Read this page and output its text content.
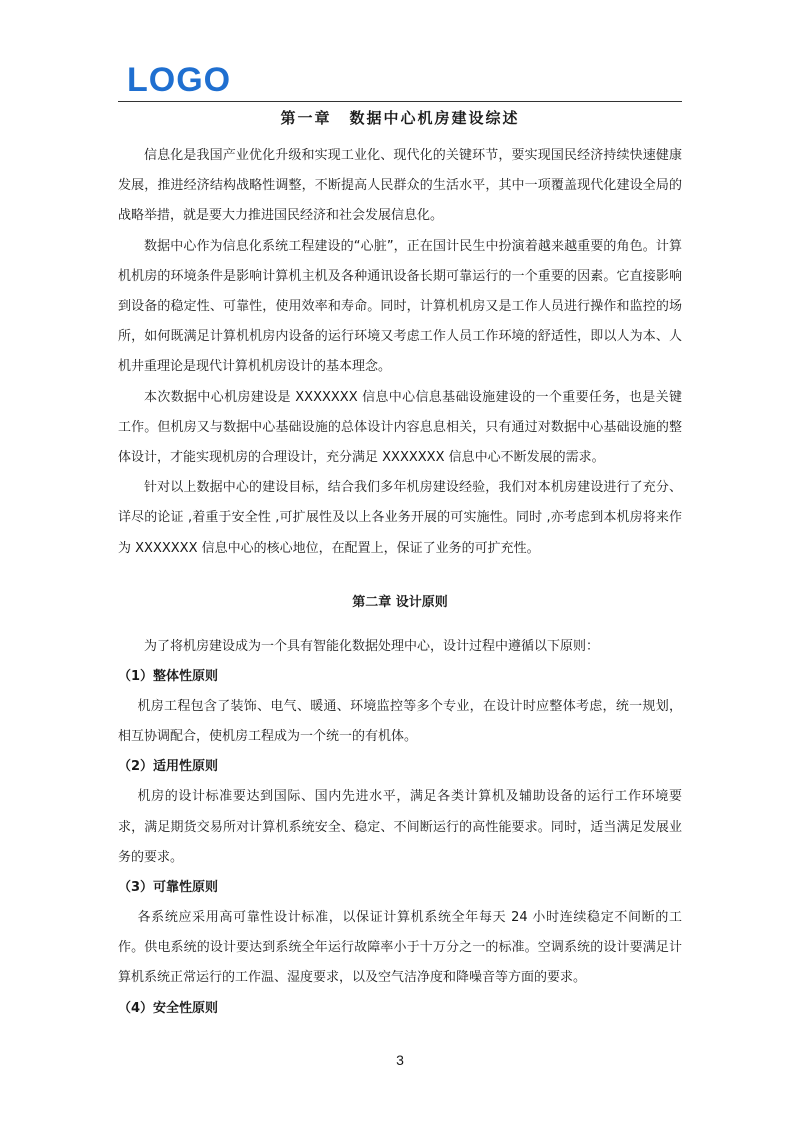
LOGO
第一章 数据中心机房建设综述

信息化是我国产业优化升级和实现工业化、现代化的关键环节，要实现国民经济持续快速健康发展，推进经济结构战略性调整，不断提高人民群众的生活水平，其中一项覆盖现代化建设全局的战略举措，就是要大力推进国民经济和社会发展信息化。

数据中心作为信息化系统工程建设的“心脏”，正在国计民生中扮演着越来越重要的角色。计算机机房的环境条件是影响计算机主机及各种通讯设备长期可靠运行的一个重要的因素。它直接影响到设备的稳定性、可靠性，使用效率和寿命。同时，计算机机房又是工作人员进行操作和监控的场所，如何既满足计算机机房内设备的运行环境又考虑工作人员工作环境的舒适性，即以人为本、人机井重理论是现代计算机机房设计的基本理念。

本次数据中心机房建设是 XXXXXXX 信息中心信息基础设施建设的一个重要任务，也是关键工作。但机房又与数据中心基础设施的总体设计内容息息相关，只有通过对数据中心基础设施的整体设计，才能实现机房的合理设计，充分满足 XXXXXXX 信息中心不断发展的需求。

针对以上数据中心的建设目标，结合我们多年机房建设经验，我们对本机房建设进行了充分、详尽的论证 ,着重于安全性 ,可扩展性及以上各业务开展的可实施性。同时 ,亦考虑到本机房将来作为 XXXXXXX 信息中心的核心地位，在配置上，保证了业务的可扩充性。

第二章 设计原则

为了将机房建设成为一个具有智能化数据处理中心，设计过程中遵循以下原则：

（1）整体性原则

机房工程包含了装饰、电气、暖通、环境监控等多个专业，在设计时应整体考虑，统一规划，相互协调配合，使机房工程成为一个统一的有机体。

（2）适用性原则

机房的设计标准要达到国际、国内先进水平，满足各类计算机及辅助设备的运行工作环境要求，满足期货交易所对计算机系统安全、稳定、不间断运行的高性能要求。同时，适当满足发展业务的要求。

（3）可靠性原则

各系统应采用高可靠性设计标准，以保证计算机系统全年每天 24 小时连续稳定不间断的工作。供电系统的设计要达到系统全年运行故障率小于十万分之一的标准。空调系统的设计要满足计算机系统正常运行的工作温、湿度要求，以及空气洁净度和降噪音等方面的要求。

（4）安全性原则
3
